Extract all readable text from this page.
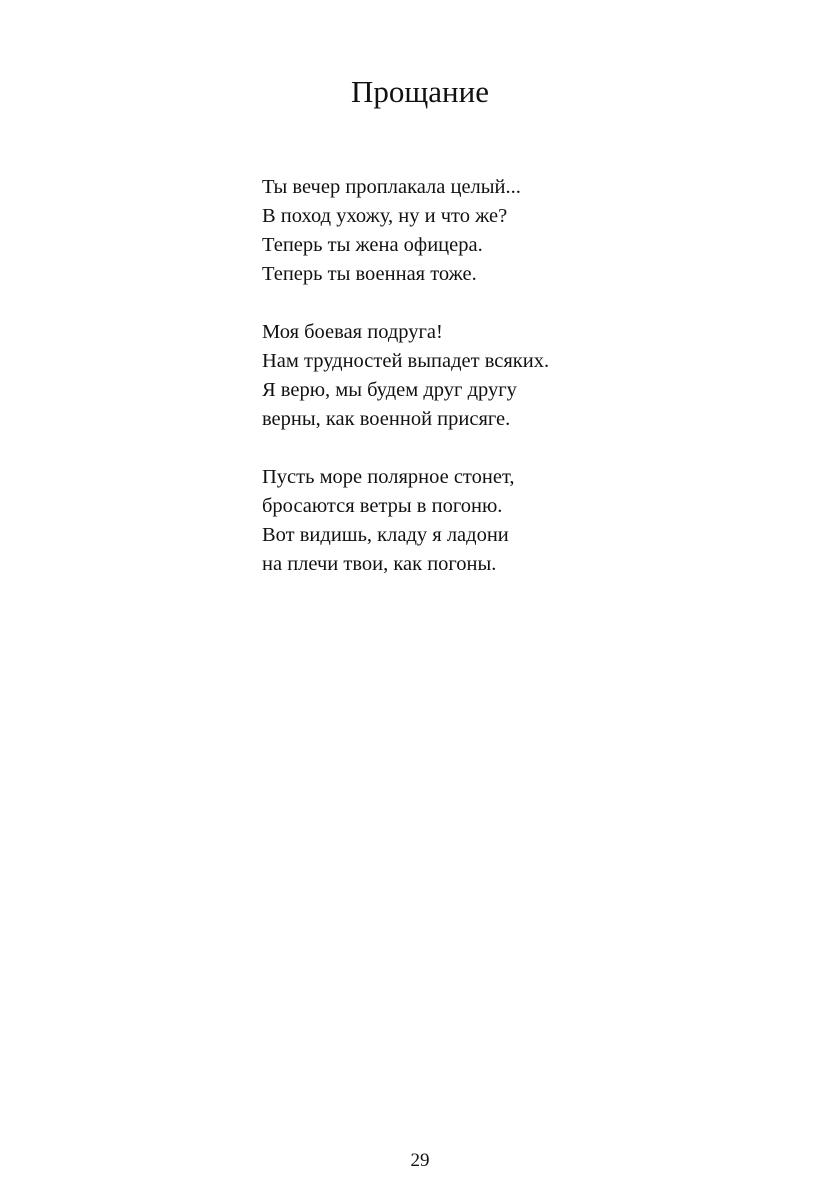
Прощание
Ты вечер проплакала целый...
В поход ухожу, ну и что же?
Теперь ты жена офицера.
Теперь ты военная тоже.
Моя боевая подруга!
Нам трудностей выпадет всяких.
Я верю, мы будем друг другу
верны, как военной присяге.
Пусть море полярное стонет,
бросаются ветры в погоню.
Вот видишь, кладу я ладони
на плечи твои, как погоны.
29
